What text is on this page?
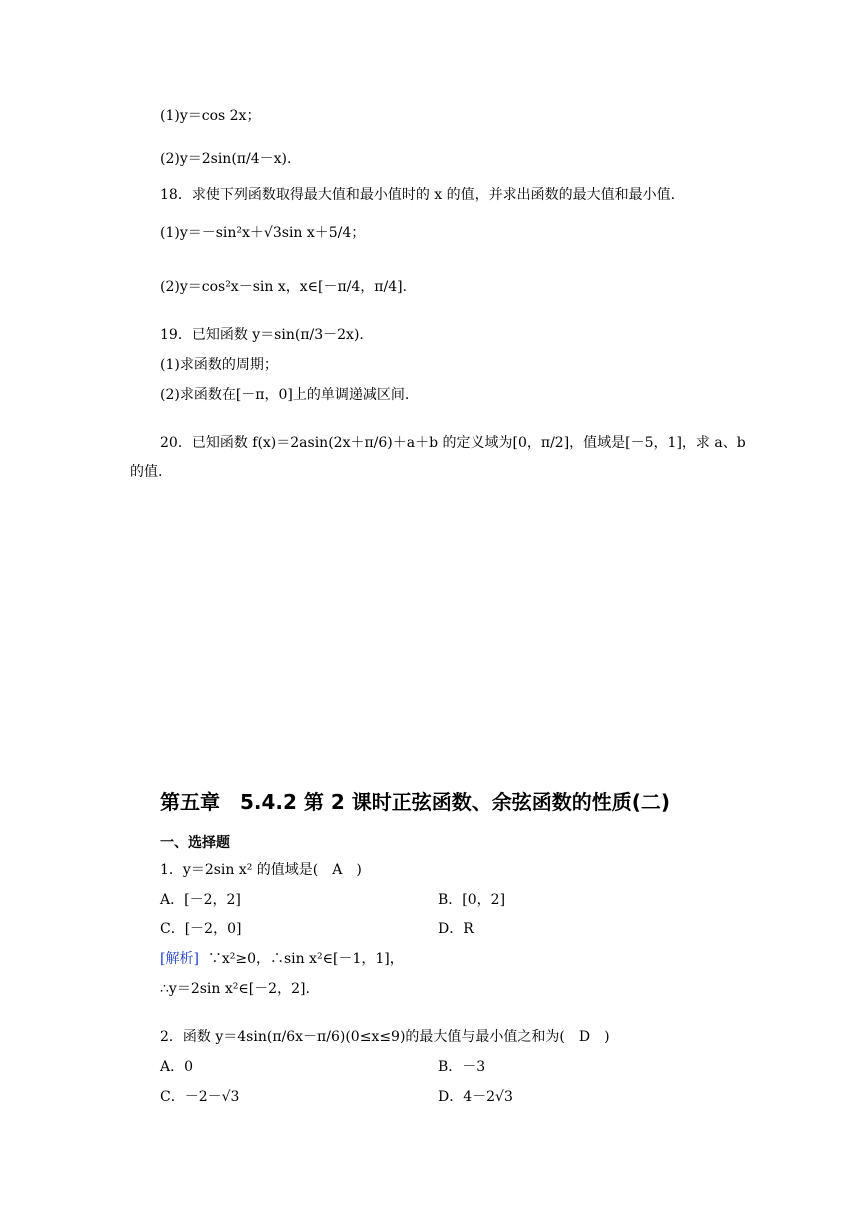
(1)y＝cos 2x；
(2)y＝2sin(π/4－x).
18．求使下列函数取得最大值和最小值时的 x 的值，并求出函数的最大值和最小值.
(1)y＝－sin²x＋√3sin x＋5/4；
(2)y＝cos²x－sin x，x∈[－π/4，π/4].
19．已知函数 y＝sin(π/3－2x).
(1)求函数的周期；
(2)求函数在[－π，0]上的单调递减区间.
20．已知函数 f(x)＝2asin(2x＋π/6)＋a＋b 的定义域为[0，π/2]，值域是[－5，1]，求 a、b
的值.
第五章　5.4.2 第 2 课时正弦函数、余弦函数的性质(二)
一、选择题
1．y＝2sin x² 的值域是(　A　)
A．[－2，2]	B．[0，2]
C．[－2，0]	D．R
[解析] ∵x²≥0，∴sin x²∈[－1，1]，
∴y＝2sin x²∈[－2，2].
2．函数 y＝4sin(π/6x－π/6)(0≤x≤9)的最大值与最小值之和为(　D　)
A．0	B．－3
C．－2－√3	D．4－2√3
